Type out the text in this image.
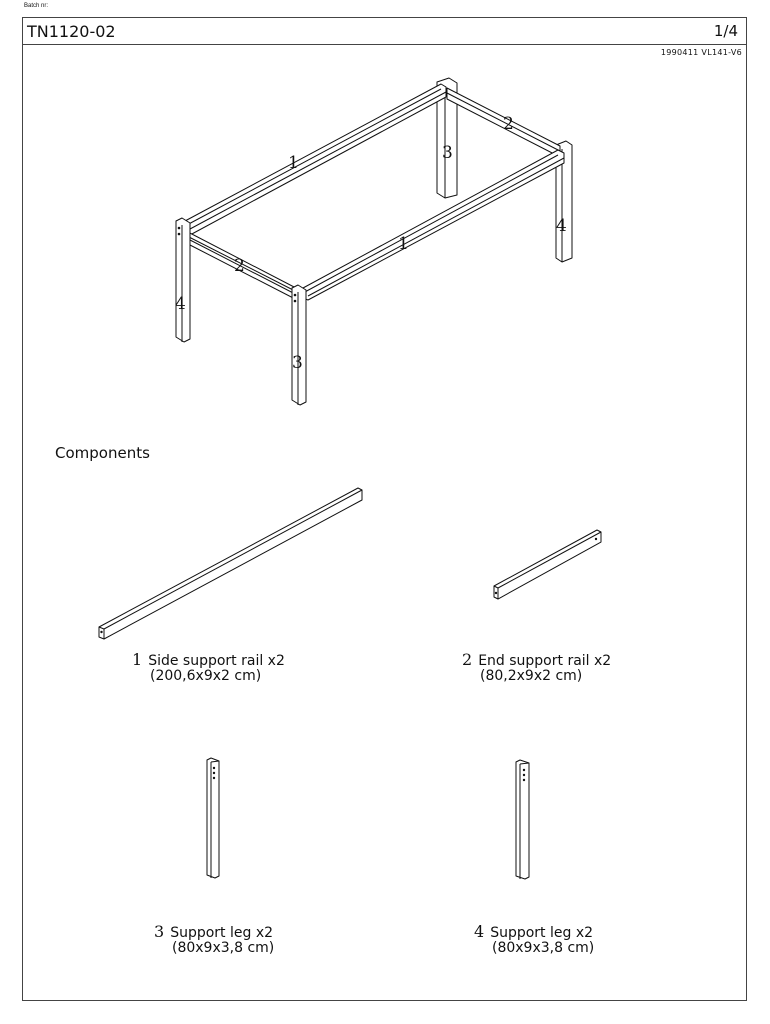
Batch nr:
TN1120-02	1/4
1990411 VL141-V6
1
2
3
4
1
2
3
4
Components
1 Side support rail x2
(200,6x9x2 cm)
2 End support rail x2
(80,2x9x2 cm)
3 Support leg x2
(80x9x3,8 cm)
4 Support leg x2
(80x9x3,8 cm)
